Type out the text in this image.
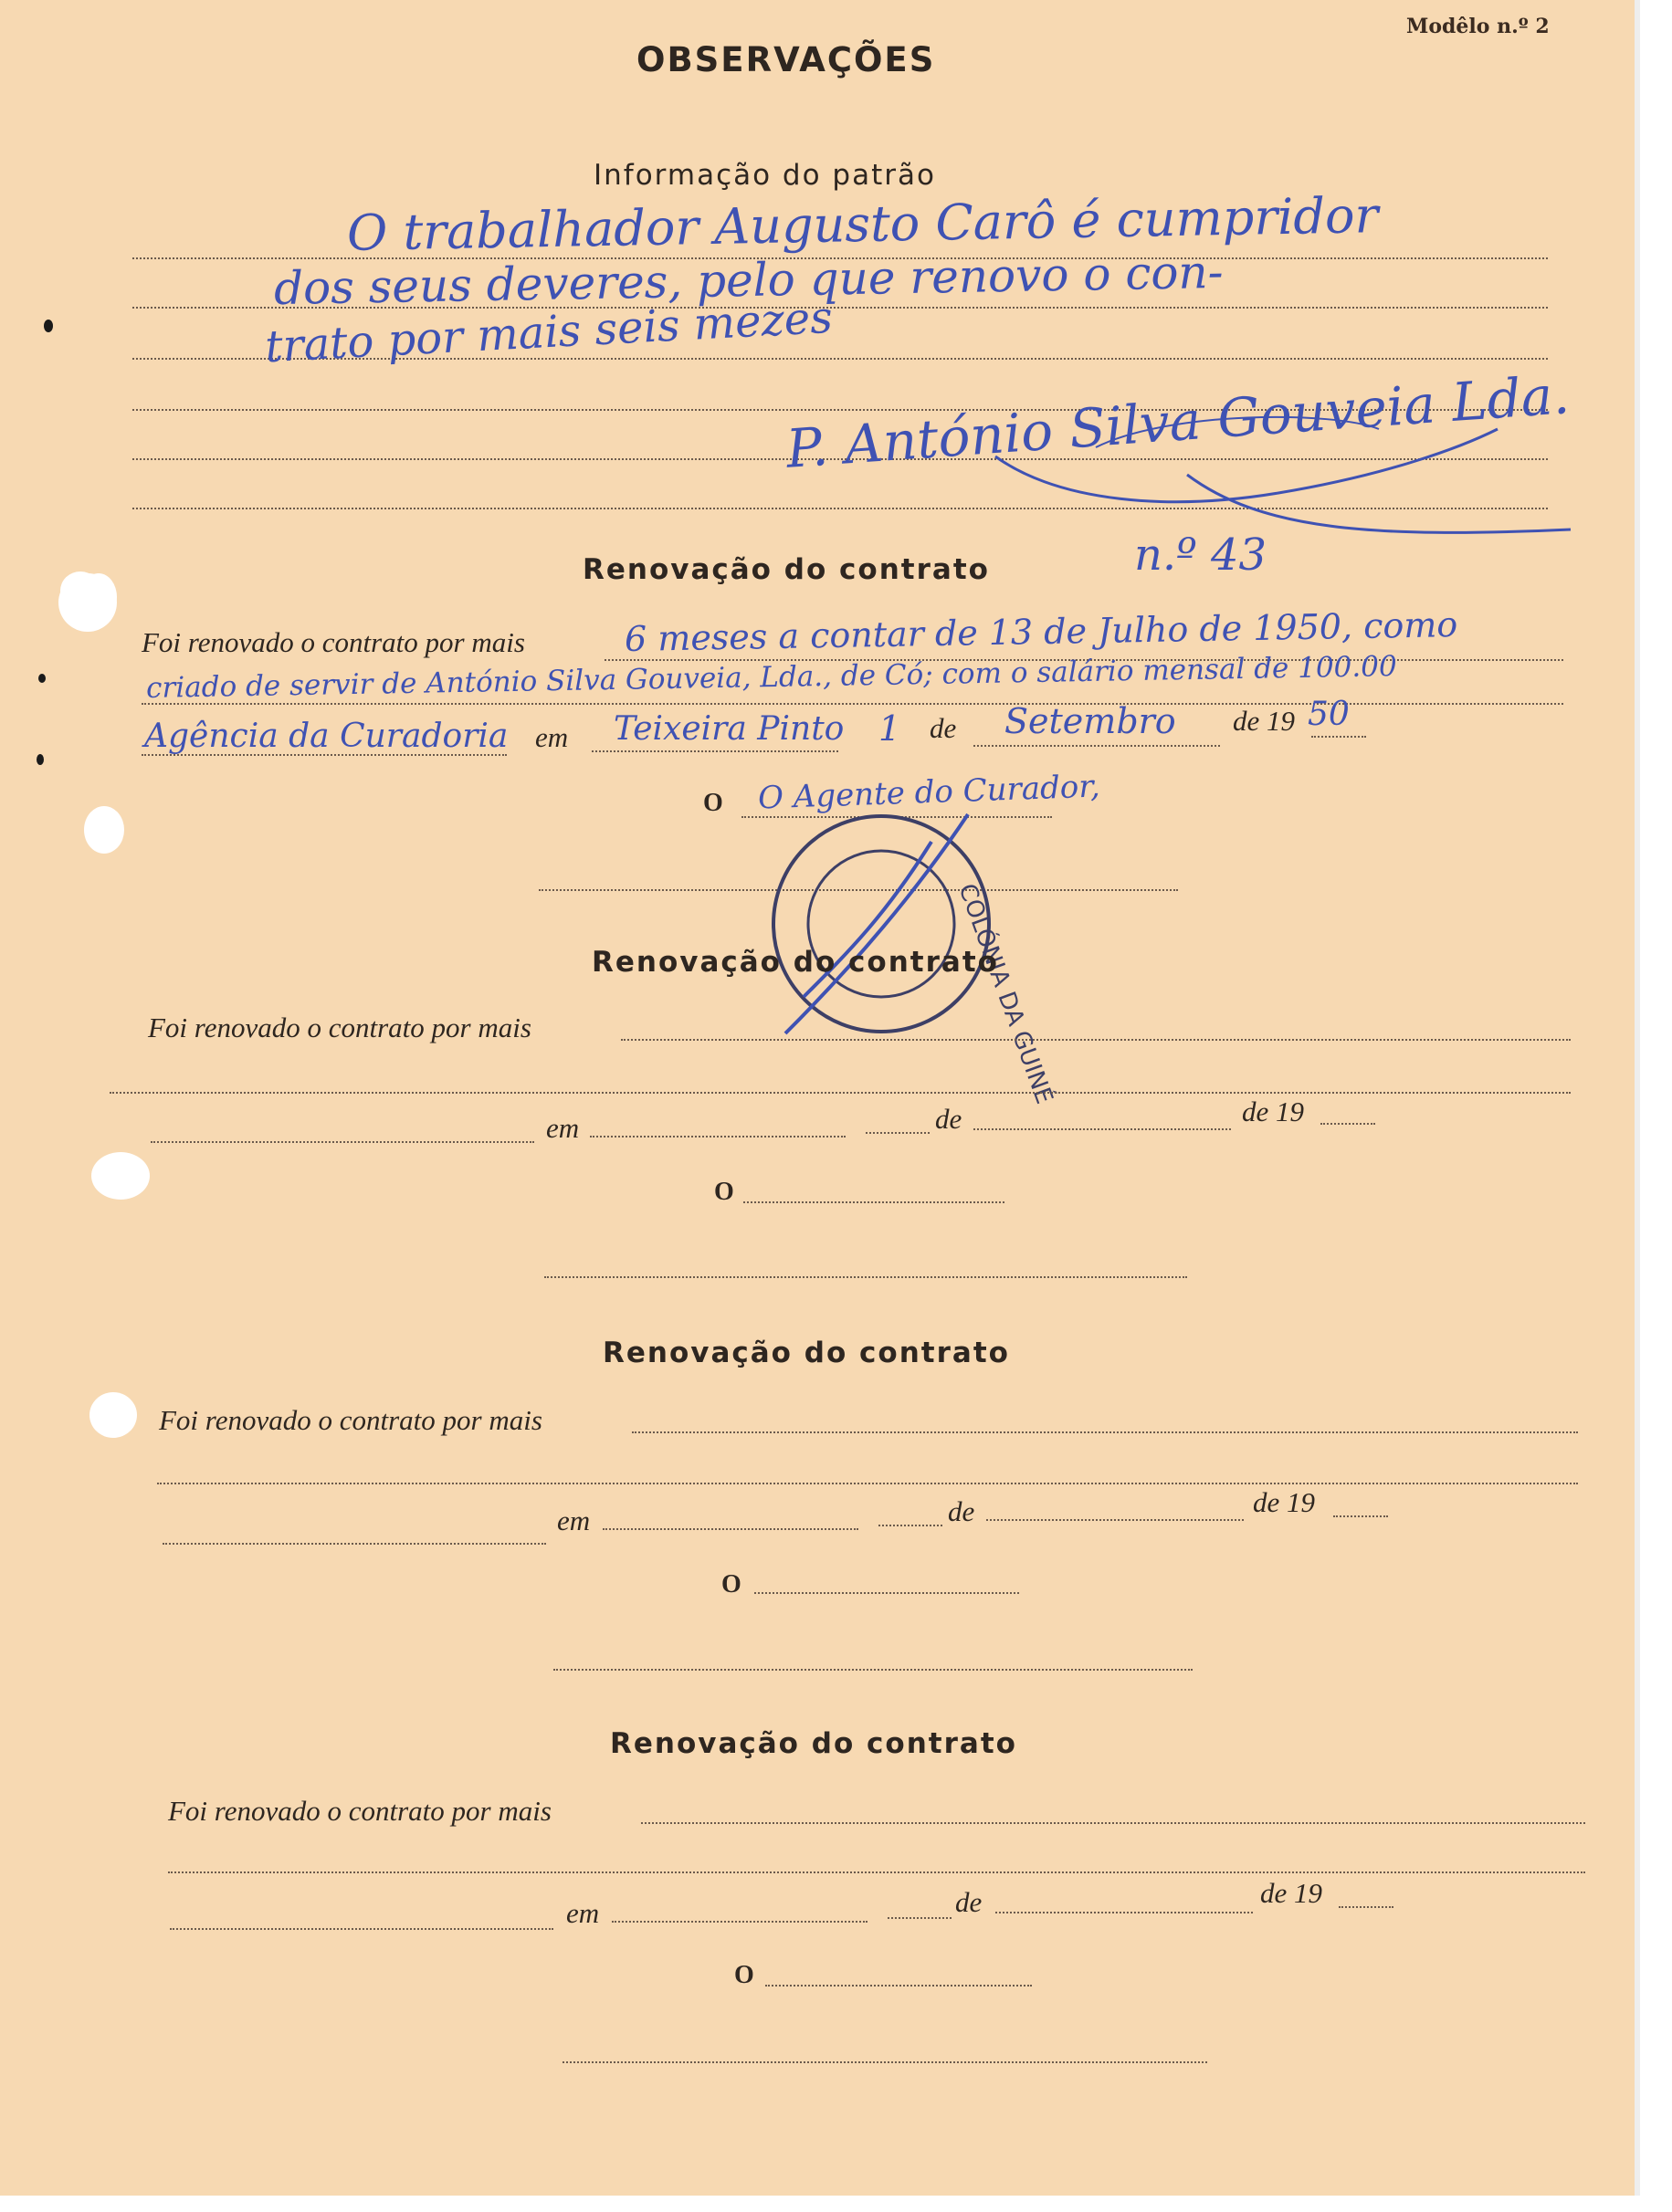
Modêlo n.º 2
OBSERVAÇÕES
Informação do patrão
O trabalhador Augusto Carô é cumpridor
dos seus deveres, pelo que renovo o con-
trato por mais seis mezes
P. António Silva Gouveia Lda.
Renovação do contrato	n.º 43
Foi renovado o contrato por mais	6 meses a contar de 13 de Julho de 1950, como
criado de servir de António Silva Gouveia, Lda., de Có; com o salário mensal de 100.00
Agência da Curadoria em Teixeira Pinto 1 de Setembro de 19 50
O O Agente do Curador,
COLÓNIA DA GUINÉ
Renovação do contrato
Foi renovado o contrato por mais
em	de	de 19
O
Renovação do contrato
Foi renovado o contrato por mais
em	de	de 19
O
Renovação do contrato
Foi renovado o contrato por mais
em	de	de 19
O
